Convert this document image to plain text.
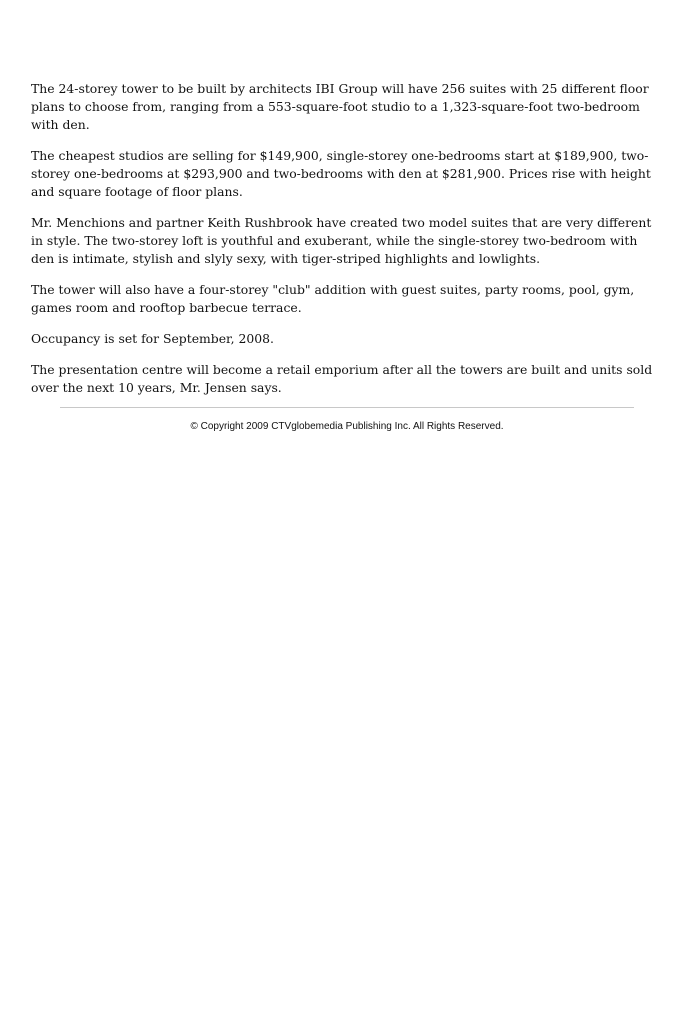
The 24-storey tower to be built by architects IBI Group will have 256 suites with 25 different floor plans to choose from, ranging from a 553-square-foot studio to a 1,323-square-foot two-bedroom with den.

The cheapest studios are selling for $149,900, single-storey one-bedrooms start at $189,900, two-storey one-bedrooms at $293,900 and two-bedrooms with den at $281,900. Prices rise with height and square footage of floor plans.

Mr. Menchions and partner Keith Rushbrook have created two model suites that are very different in style. The two-storey loft is youthful and exuberant, while the single-storey two-bedroom with den is intimate, stylish and slyly sexy, with tiger-striped highlights and lowlights.

The tower will also have a four-storey "club" addition with guest suites, party rooms, pool, gym, games room and rooftop barbecue terrace.

Occupancy is set for September, 2008.

The presentation centre will become a retail emporium after all the towers are built and units sold over the next 10 years, Mr. Jensen says.

© Copyright 2009 CTVglobemedia Publishing Inc. All Rights Reserved.
